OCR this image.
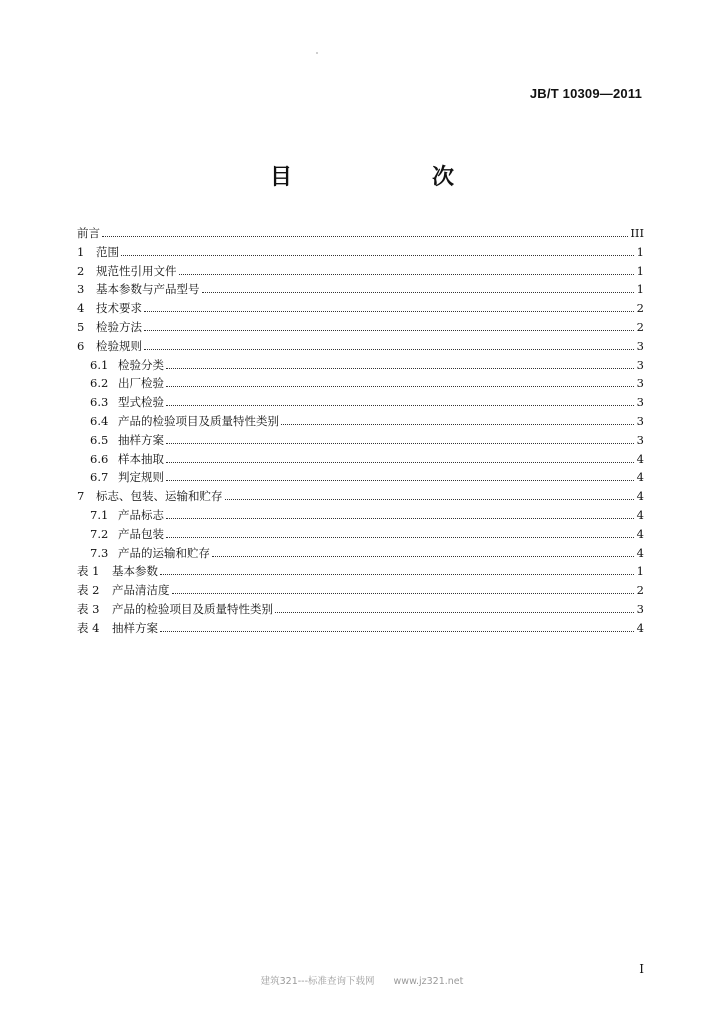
JB/T 10309—2011
目　　次
前言	III
1	范围	1
2	规范性引用文件	1
3	基本参数与产品型号	1
4	技术要求	2
5	检验方法	2
6	检验规则	3
6.1 检验分类	3
6.2 出厂检验	3
6.3 型式检验	3
6.4 产品的检验项目及质量特性类别	3
6.5 抽样方案	3
6.6 样本抽取	4
6.7 判定规则	4
7	标志、包装、运输和贮存	4
7.1 产品标志	4
7.2 产品包装	4
7.3 产品的运输和贮存	4
表 1	基本参数	1
表 2	产品清洁度	2
表 3	产品的检验项目及质量特性类别	3
表 4	抽样方案	4
I
建筑321---标准查询下载网　　www.jz321.net
